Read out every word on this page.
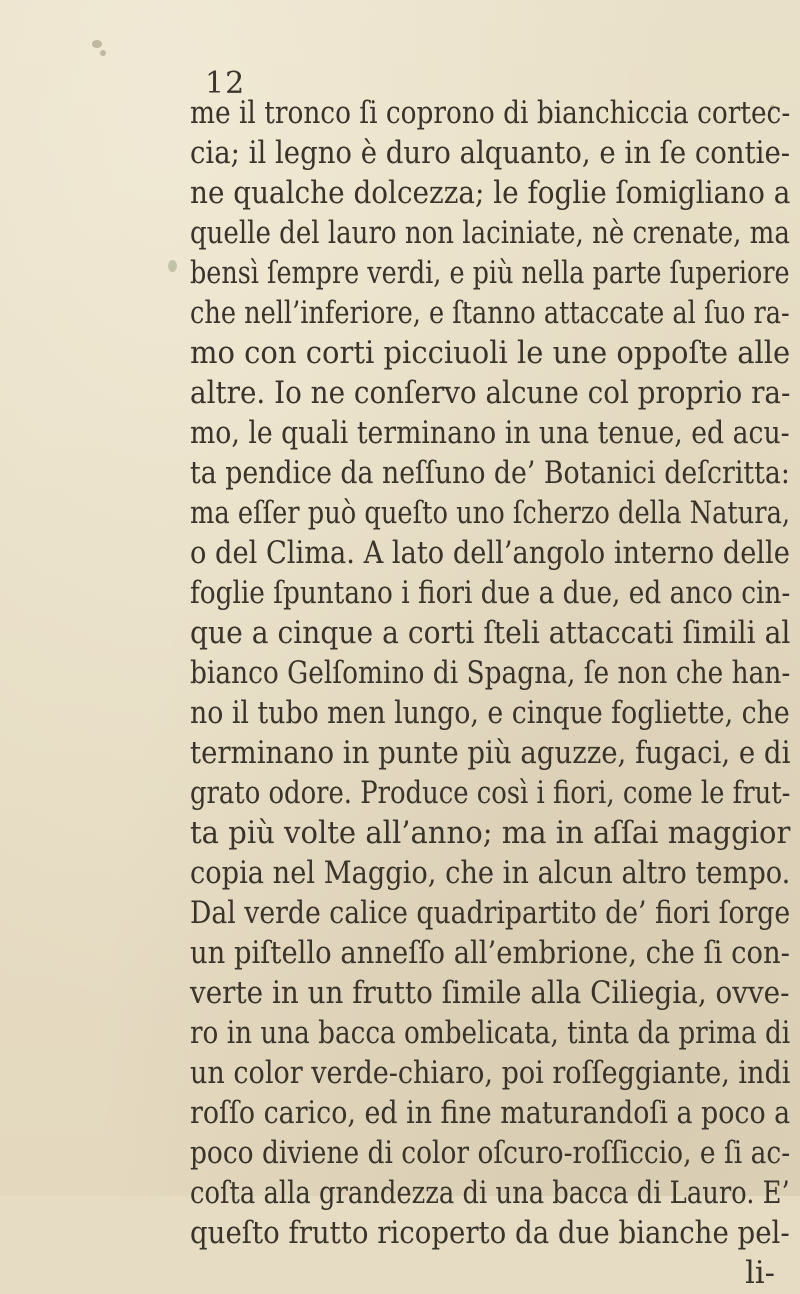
12
me il tronco ſi coprono di bianchiccia cortec-
cia; il legno è duro alquanto, e in ſe contie-
ne qualche dolcezza; le foglie ſomigliano a
quelle del lauro non laciniate, nè crenate, ma
bensì ſempre verdi, e più nella parte ſuperiore
che nell’inferiore, e ſtanno attaccate al ſuo ra-
mo con corti picciuoli le une oppoſte alle
altre. Io ne conſervo alcune col proprio ra-
mo, le quali terminano in una tenue, ed acu-
ta pendice da neſſuno de’ Botanici deſcritta:
ma eſſer può queſto uno ſcherzo della Natura,
o del Clima. A lato dell’angolo interno delle
foglie ſpuntano i fiori due a due, ed anco cin-
que a cinque a corti ſteli attaccati ſimili al
bianco Gelſomino di Spagna, ſe non che han-
no il tubo men lungo, e cinque fogliette, che
terminano in punte più aguzze, fugaci, e di
grato odore. Produce così i fiori, come le frut-
ta più volte all’anno; ma in aſſai maggior
copia nel Maggio, che in alcun altro tempo.
Dal verde calice quadripartito de’ fiori ſorge
un piſtello anneſſo all’embrione, che ſi con-
verte in un frutto ſimile alla Ciliegia, ovve-
ro in una bacca ombelicata, tinta da prima di
un color verde-chiaro, poi roſſeggiante, indi
roſſo carico, ed in fine maturandoſi a poco a
poco diviene di color oſcuro-roſſiccio, e ſi ac-
coſta alla grandezza di una bacca di Lauro. E’
queſto frutto ricoperto da due bianche pel-
li-
